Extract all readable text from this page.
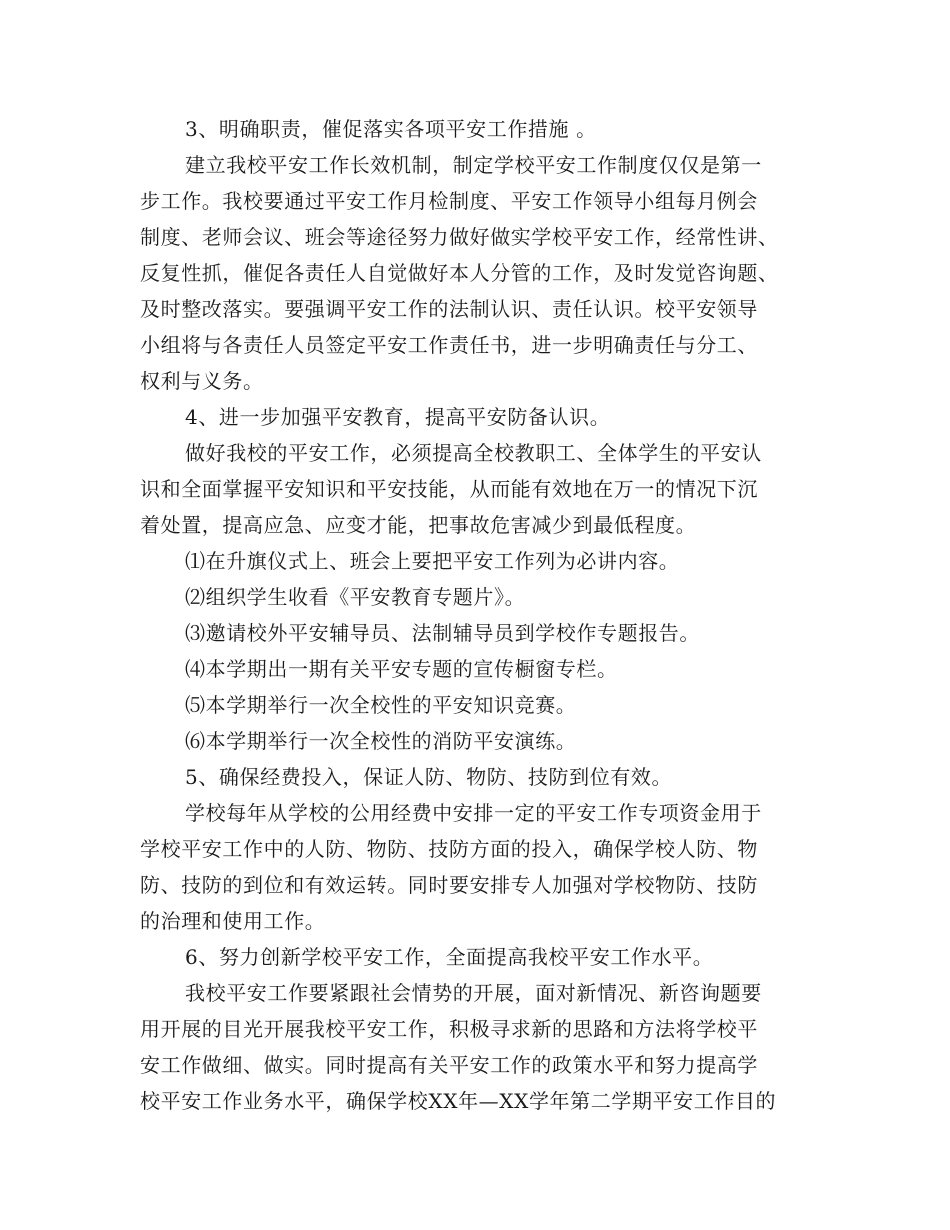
3、明确职责，催促落实各项平安工作措施 。
建立我校平安工作长效机制，制定学校平安工作制度仅仅是第一
步工作。我校要通过平安工作月检制度、平安工作领导小组每月例会
制度、老师会议、班会等途径努力做好做实学校平安工作，经常性讲、
反复性抓，催促各责任人自觉做好本人分管的工作，及时发觉咨询题、
及时整改落实。要强调平安工作的法制认识、责任认识。校平安领导
小组将与各责任人员签定平安工作责任书，进一步明确责任与分工、
权利与义务。
4、进一步加强平安教育，提高平安防备认识。
做好我校的平安工作，必须提高全校教职工、全体学生的平安认
识和全面掌握平安知识和平安技能，从而能有效地在万一的情况下沉
着处置，提高应急、应变才能，把事故危害减少到最低程度。
⑴在升旗仪式上、班会上要把平安工作列为必讲内容。
⑵组织学生收看《平安教育专题片》。
⑶邀请校外平安辅导员、法制辅导员到学校作专题报告。
⑷本学期出一期有关平安专题的宣传橱窗专栏。
⑸本学期举行一次全校性的平安知识竞赛。
⑹本学期举行一次全校性的消防平安演练。
5、确保经费投入，保证人防、物防、技防到位有效。
学校每年从学校的公用经费中安排一定的平安工作专项资金用于
学校平安工作中的人防、物防、技防方面的投入，确保学校人防、物
防、技防的到位和有效运转。同时要安排专人加强对学校物防、技防
的治理和使用工作。
6、努力创新学校平安工作，全面提高我校平安工作水平。
我校平安工作要紧跟社会情势的开展，面对新情况、新咨询题要
用开展的目光开展我校平安工作，积极寻求新的思路和方法将学校平
安工作做细、做实。同时提高有关平安工作的政策水平和努力提高学
校平安工作业务水平，确保学校XX年—XX学年第二学期平安工作目的
